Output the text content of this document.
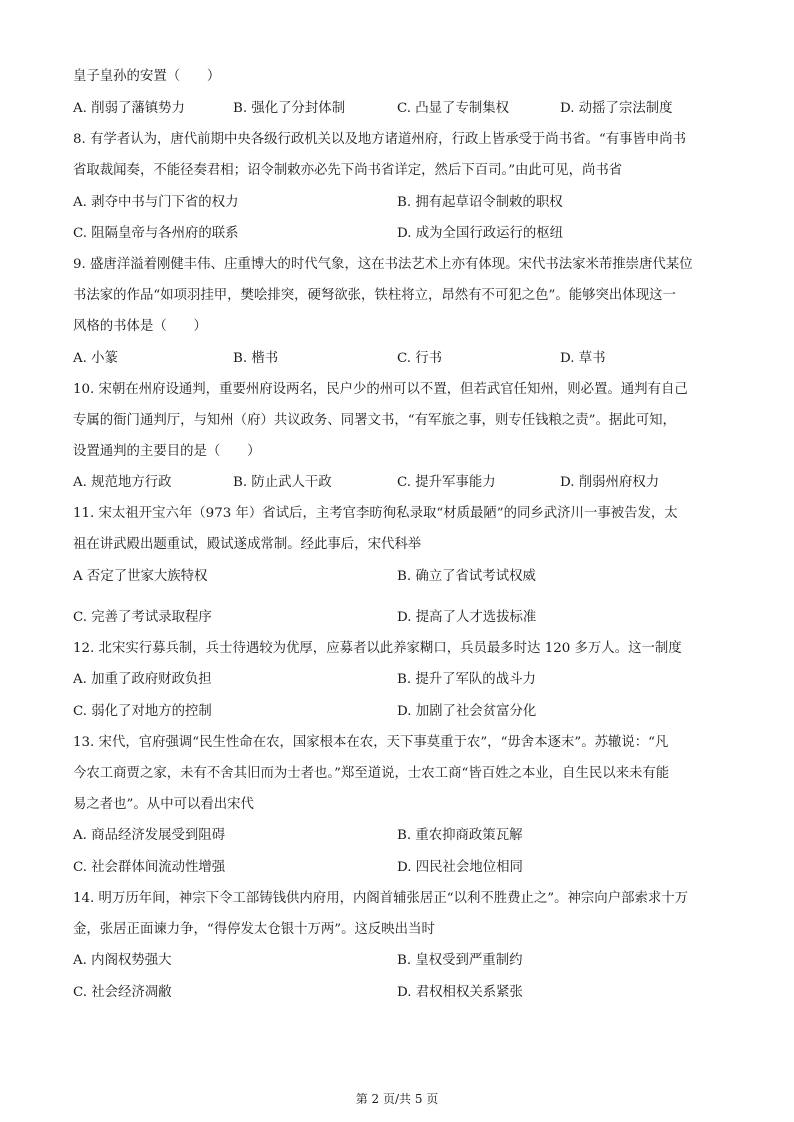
皇子皇孙的安置（　　）
A. 削弱了藩镇势力	B. 强化了分封体制	C. 凸显了专制集权	D. 动摇了宗法制度
8. 有学者认为，唐代前期中央各级行政机关以及地方诸道州府，行政上皆承受于尚书省。“有事皆申尚书
省取裁闻奏，不能径奏君相；诏令制敕亦必先下尚书省详定，然后下百司。”由此可见，尚书省
A. 剥夺中书与门下省的权力	B. 拥有起草诏令制敕的职权
C. 阻隔皇帝与各州府的联系	D. 成为全国行政运行的枢纽
9. 盛唐洋溢着刚健丰伟、庄重博大的时代气象，这在书法艺术上亦有体现。宋代书法家米芾推崇唐代某位
书法家的作品“如项羽挂甲，樊哙排突，硬弩欲张，铁柱将立，昂然有不可犯之色”。能够突出体现这一
风格的书体是（　　）
A. 小篆	B. 楷书	C. 行书	D. 草书
10. 宋朝在州府设通判，重要州府设两名，民户少的州可以不置，但若武官任知州，则必置。通判有自己
专属的衙门通判厅，与知州（府）共议政务、同署文书，“有军旅之事，则专任钱粮之责”。据此可知，
设置通判的主要目的是（　　）
A. 规范地方行政	B. 防止武人干政	C. 提升军事能力	D. 削弱州府权力
11. 宋太祖开宝六年（973 年）省试后，主考官李昉徇私录取“材质最陋”的同乡武济川一事被告发，太
祖在讲武殿出题重试，殿试遂成常制。经此事后，宋代科举
A 否定了世家大族特权	B. 确立了省试考试权威
C. 完善了考试录取程序	D. 提高了人才选拔标准
12. 北宋实行募兵制，兵士待遇较为优厚，应募者以此养家糊口，兵员最多时达 120 多万人。这一制度
A. 加重了政府财政负担	B. 提升了军队的战斗力
C. 弱化了对地方的控制	D. 加剧了社会贫富分化
13. 宋代，官府强调“民生性命在农，国家根本在农，天下事莫重于农”，“毋舍本逐末”。苏辙说：“凡
今农工商贾之家，未有不舍其旧而为士者也。”郑至道说，士农工商“皆百姓之本业，自生民以来未有能
易之者也”。从中可以看出宋代
A. 商品经济发展受到阻碍	B. 重农抑商政策瓦解
C. 社会群体间流动性增强	D. 四民社会地位相同
14. 明万历年间，神宗下令工部铸钱供内府用，内阁首辅张居正“以利不胜费止之”。神宗向户部索求十万
金，张居正面谏力争，“得停发太仓银十万两”。这反映出当时
A. 内阁权势强大	B. 皇权受到严重制约
C. 社会经济凋敝	D. 君权相权关系紧张
第 2 页/共 5 页
